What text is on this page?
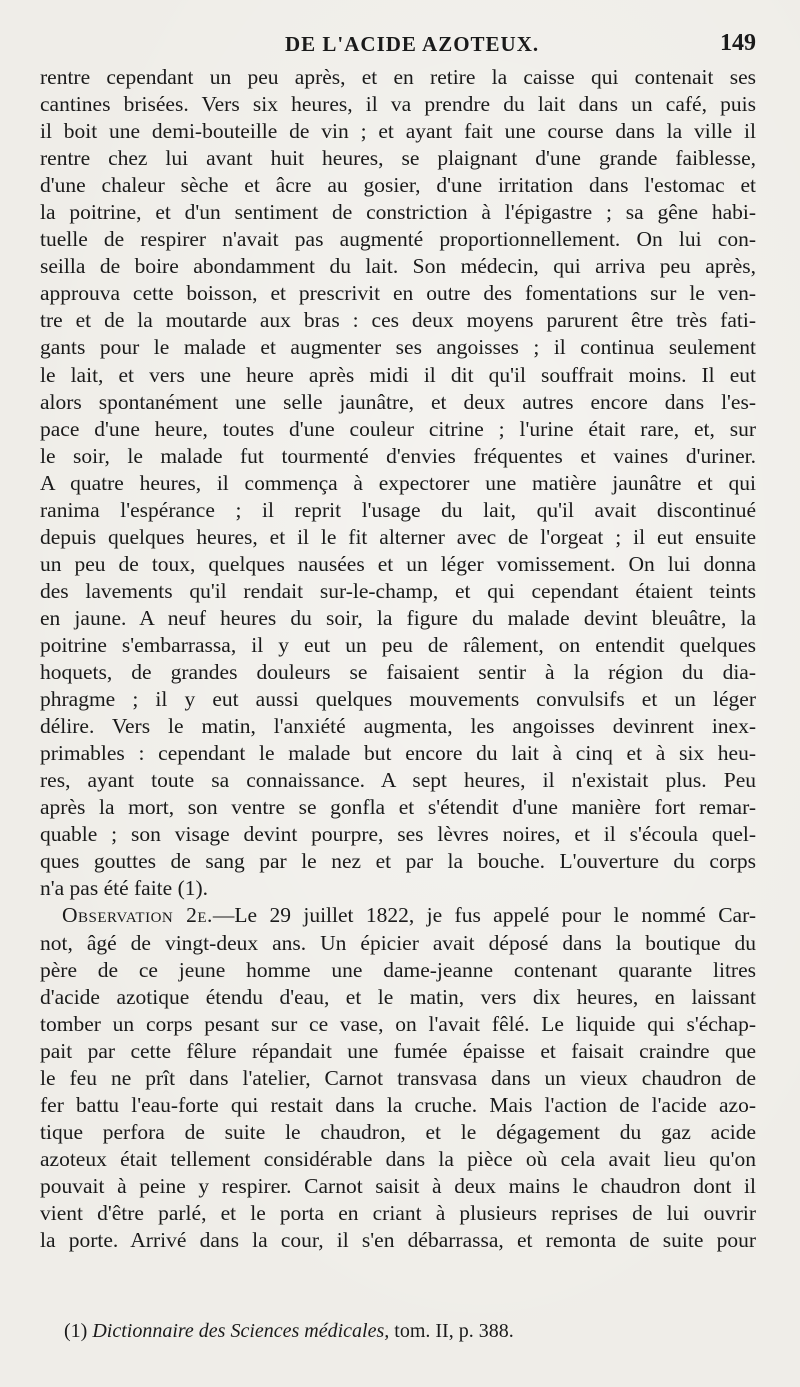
DE L'ACIDE AZOTEUX.	149
rentre cependant un peu après, et en retire la caisse qui contenait ses
cantines brisées. Vers six heures, il va prendre du lait dans un café, puis
il boit une demi-bouteille de vin ; et ayant fait une course dans la ville il
rentre chez lui avant huit heures, se plaignant d'une grande faiblesse,
d'une chaleur sèche et âcre au gosier, d'une irritation dans l'estomac et
la poitrine, et d'un sentiment de constriction à l'épigastre ; sa gêne habi-
tuelle de respirer n'avait pas augmenté proportionnellement. On lui con-
seilla de boire abondamment du lait. Son médecin, qui arriva peu après,
approuva cette boisson, et prescrivit en outre des fomentations sur le ven-
tre et de la moutarde aux bras : ces deux moyens parurent être très fati-
gants pour le malade et augmenter ses angoisses ; il continua seulement
le lait, et vers une heure après midi il dit qu'il souffrait moins. Il eut
alors spontanément une selle jaunâtre, et deux autres encore dans l'es-
pace d'une heure, toutes d'une couleur citrine ; l'urine était rare, et, sur
le soir, le malade fut tourmenté d'envies fréquentes et vaines d'uriner.
A quatre heures, il commença à expectorer une matière jaunâtre et qui
ranima l'espérance ; il reprit l'usage du lait, qu'il avait discontinué
depuis quelques heures, et il le fit alterner avec de l'orgeat ; il eut ensuite
un peu de toux, quelques nausées et un léger vomissement. On lui donna
des lavements qu'il rendait sur-le-champ, et qui cependant étaient teints
en jaune. A neuf heures du soir, la figure du malade devint bleuâtre, la
poitrine s'embarrassa, il y eut un peu de râlement, on entendit quelques
hoquets, de grandes douleurs se faisaient sentir à la région du dia-
phragme ; il y eut aussi quelques mouvements convulsifs et un léger
délire. Vers le matin, l'anxiété augmenta, les angoisses devinrent inex-
primables : cependant le malade but encore du lait à cinq et à six heu-
res, ayant toute sa connaissance. A sept heures, il n'existait plus. Peu
après la mort, son ventre se gonfla et s'étendit d'une manière fort remar-
quable ; son visage devint pourpre, ses lèvres noires, et il s'écoula quel-
ques gouttes de sang par le nez et par la bouche. L'ouverture du corps
n'a pas été faite (1).
Observation 2e.—Le 29 juillet 1822, je fus appelé pour le nommé Car-
not, âgé de vingt-deux ans. Un épicier avait déposé dans la boutique du
père de ce jeune homme une dame-jeanne contenant quarante litres
d'acide azotique étendu d'eau, et le matin, vers dix heures, en laissant
tomber un corps pesant sur ce vase, on l'avait fêlé. Le liquide qui s'échap-
pait par cette fêlure répandait une fumée épaisse et faisait craindre que
le feu ne prît dans l'atelier, Carnot transvasa dans un vieux chaudron de
fer battu l'eau-forte qui restait dans la cruche. Mais l'action de l'acide azo-
tique perfora de suite le chaudron, et le dégagement du gaz acide
azoteux était tellement considérable dans la pièce où cela avait lieu qu'on
pouvait à peine y respirer. Carnot saisit à deux mains le chaudron dont il
vient d'être parlé, et le porta en criant à plusieurs reprises de lui ouvrir
la porte. Arrivé dans la cour, il s'en débarrassa, et remonta de suite pour
(1) Dictionnaire des Sciences médicales, tom. II, p. 388.
